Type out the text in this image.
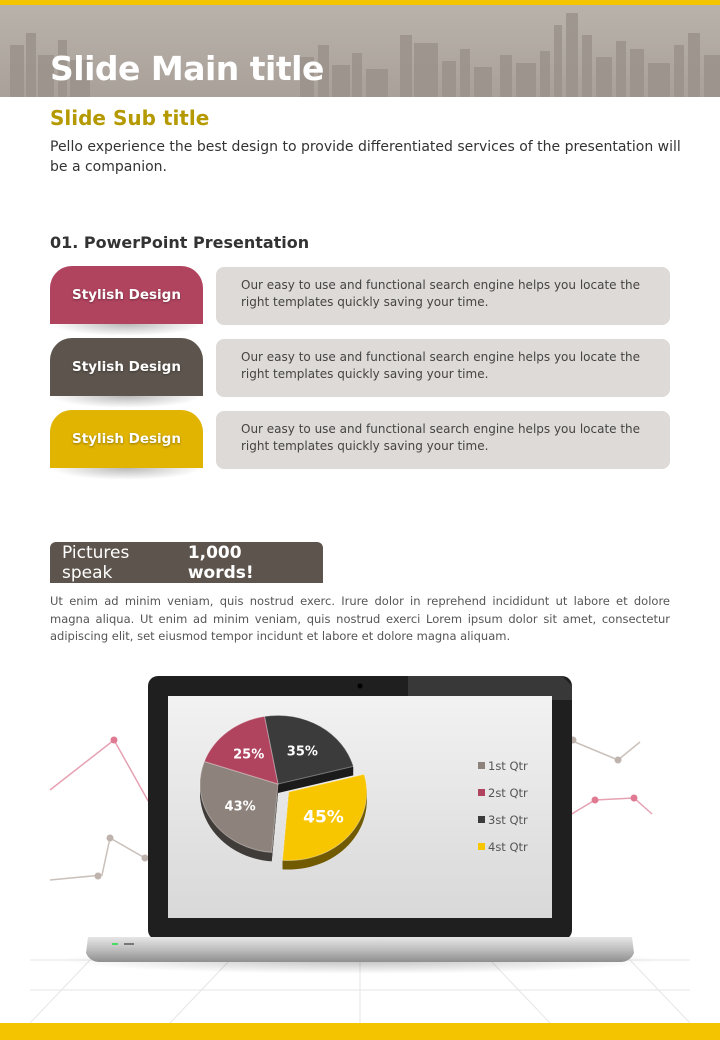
Slide Main title
Slide Sub title

Pello experience the best design to provide differentiated services of the presentation will be a companion.

01. PowerPoint Presentation
Stylish Design
Our easy to use and functional search engine helps you locate the right templates quickly saving your time.
Stylish Design
Our easy to use and functional search engine helps you locate the right templates quickly saving your time.
Stylish Design
Our easy to use and functional search engine helps you locate the right templates quickly saving your time.
Pictures speak
1,000 words!

Ut enim ad minim veniam, quis nostrud exerc. Irure dolor in reprehend incididunt ut labore et dolore magna aliqua. Ut enim ad minim veniam, quis nostrud exerci Lorem ipsum dolor sit amet, consectetur adipiscing elit, set eiusmod tempor incidunt et labore et dolore magna aliquam.

35%
45%
43%
25%
1st Qtr
2st Qtr
3st Qtr
4st Qtr
